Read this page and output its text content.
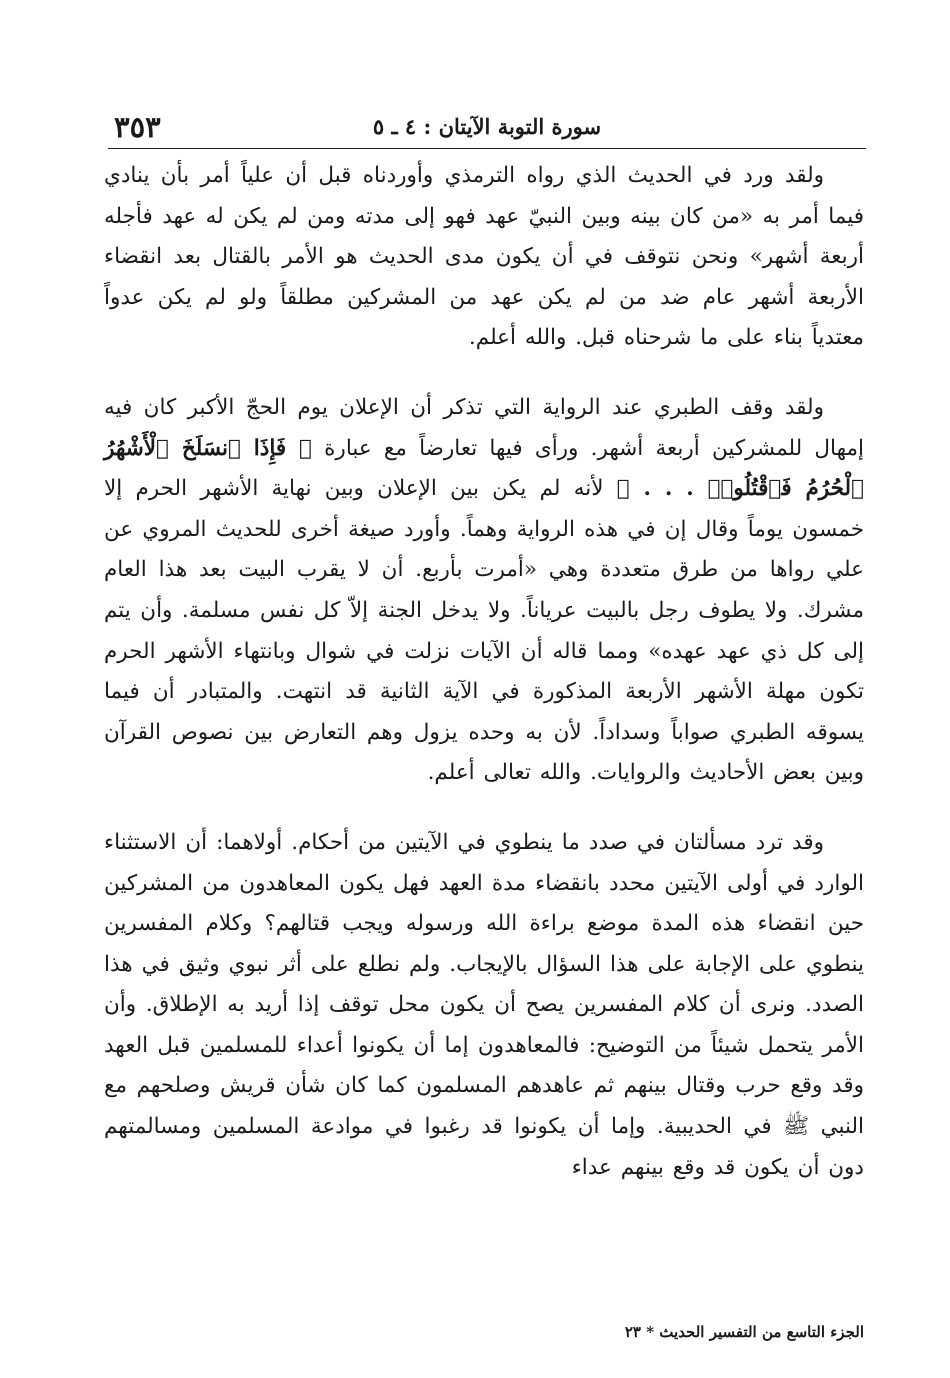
٣٥٣	سورة التوبة الآيتان : ٤ ـ ٥

ولقد ورد في الحديث الذي رواه الترمذي وأوردناه قبل أن علياً أمر بأن ينادي فيما أمر به «من كان بينه وبين النبيّ عهد فهو إلى مدته ومن لم يكن له عهد فأجله أربعة أشهر» ونحن نتوقف في أن يكون مدى الحديث هو الأمر بالقتال بعد انقضاء الأربعة أشهر عام ضد من لم يكن عهد من المشركين مطلقاً ولو لم يكن عدواً معتدياً بناء على ما شرحناه قبل. والله أعلم.

ولقد وقف الطبري عند الرواية التي تذكر أن الإعلان يوم الحجّ الأكبر كان فيه إمهال للمشركين أربعة أشهر. ورأى فيها تعارضاً مع عبارة ﴿ فَإِذَا ٱنسَلَخَ ٱلْأَشْهُرُ ٱلْحُرُمُ فَٱقْتُلُوا۟ . . . ﴾ لأنه لم يكن بين الإعلان وبين نهاية الأشهر الحرم إلا خمسون يوماً وقال إن في هذه الرواية وهماً. وأورد صيغة أخرى للحديث المروي عن علي رواها من طرق متعددة وهي «أمرت بأربع. أن لا يقرب البيت بعد هذا العام مشرك. ولا يطوف رجل بالبيت عرياناً. ولا يدخل الجنة إلاّ كل نفس مسلمة. وأن يتم إلى كل ذي عهد عهده» ومما قاله أن الآيات نزلت في شوال وبانتهاء الأشهر الحرم تكون مهلة الأشهر الأربعة المذكورة في الآية الثانية قد انتهت. والمتبادر أن فيما يسوقه الطبري صواباً وسداداً. لأن به وحده يزول وهم التعارض بين نصوص القرآن وبين بعض الأحاديث والروايات. والله تعالى أعلم.

وقد ترد مسألتان في صدد ما ينطوي في الآيتين من أحكام. أولاهما: أن الاستثناء الوارد في أولى الآيتين محدد بانقضاء مدة العهد فهل يكون المعاهدون من المشركين حين انقضاء هذه المدة موضع براءة الله ورسوله ويجب قتالهم؟ وكلام المفسرين ينطوي على الإجابة على هذا السؤال بالإيجاب. ولم نطلع على أثر نبوي وثيق في هذا الصدد. ونرى أن كلام المفسرين يصح أن يكون محل توقف إذا أريد به الإطلاق. وأن الأمر يتحمل شيئاً من التوضيح: فالمعاهدون إما أن يكونوا أعداء للمسلمين قبل العهد وقد وقع حرب وقتال بينهم ثم عاهدهم المسلمون كما كان شأن قريش وصلحهم مع النبي ﷺ في الحديبية. وإما أن يكونوا قد رغبوا في موادعة المسلمين ومسالمتهم دون أن يكون قد وقع بينهم عداء

الجزء التاسع من التفسير الحديث * ٢٣
